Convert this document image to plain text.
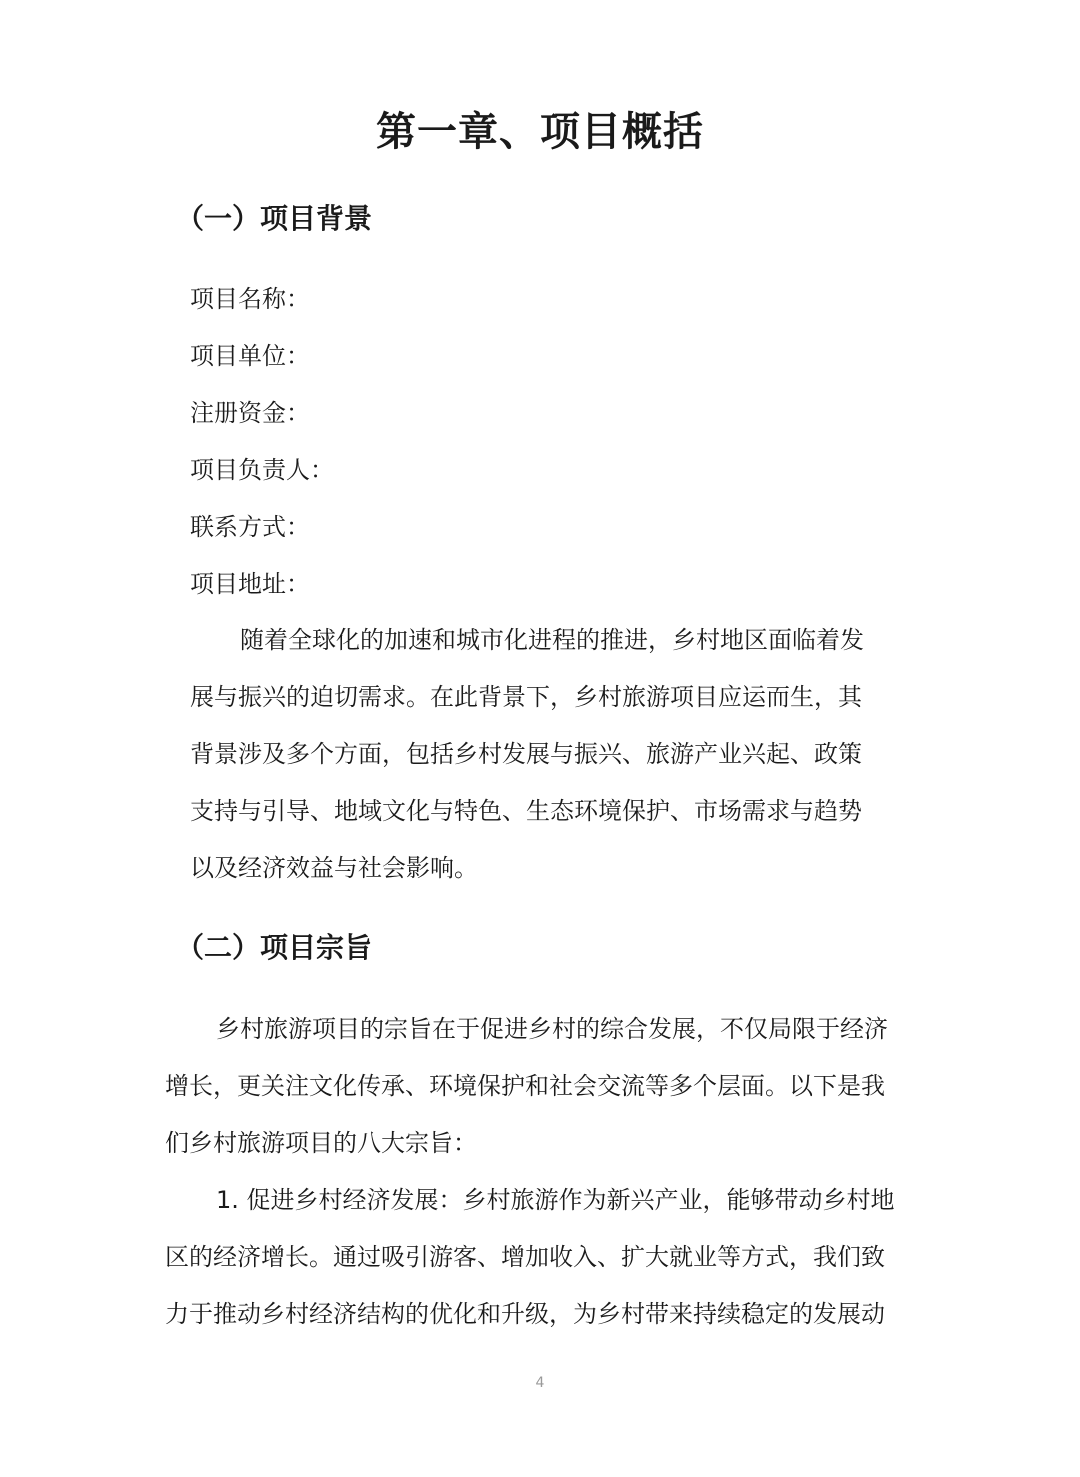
第一章、项目概括
（一）项目背景
项目名称：
项目单位：
注册资金：
项目负责人：
联系方式：
项目地址：
随着全球化的加速和城市化进程的推进，乡村地区面临着发
展与振兴的迫切需求。在此背景下，乡村旅游项目应运而生，其
背景涉及多个方面，包括乡村发展与振兴、旅游产业兴起、政策
支持与引导、地域文化与特色、生态环境保护、市场需求与趋势
以及经济效益与社会影响。
（二）项目宗旨
乡村旅游项目的宗旨在于促进乡村的综合发展，不仅局限于经济
增长，更关注文化传承、环境保护和社会交流等多个层面。以下是我
们乡村旅游项目的八大宗旨：
1. 促进乡村经济发展：乡村旅游作为新兴产业，能够带动乡村地
区的经济增长。通过吸引游客、增加收入、扩大就业等方式，我们致
力于推动乡村经济结构的优化和升级，为乡村带来持续稳定的发展动
4
